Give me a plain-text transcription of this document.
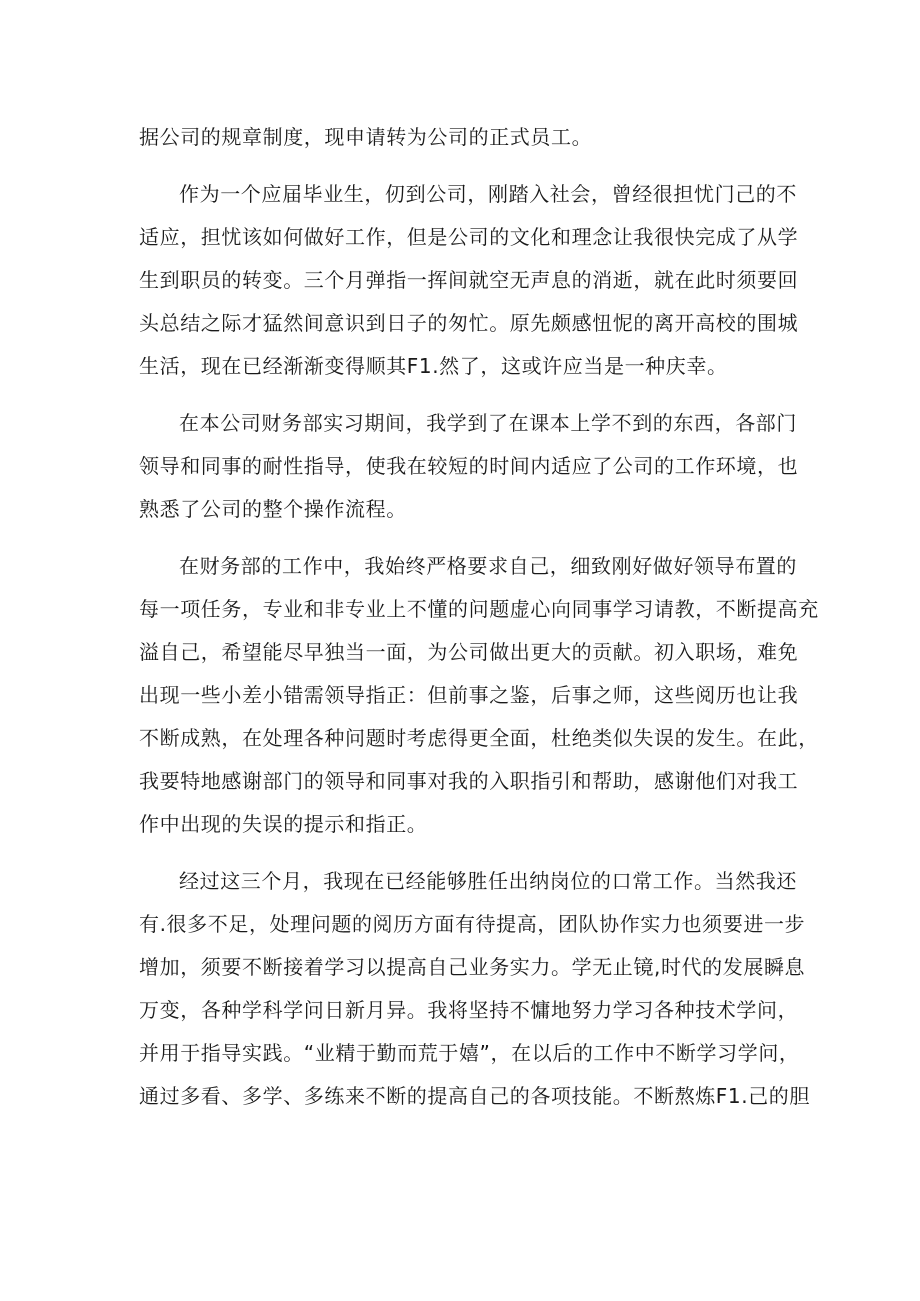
据公司的规章制度，现申请转为公司的正式员工。
作为一个应届毕业生，仞到公司，刚踏入社会，曾经很担忧门己的不
适应，担忧该如何做好工作，但是公司的文化和理念让我很快完成了从学
生到职员的转变。三个月弹指一挥间就空无声息的消逝，就在此时须要回
头总结之际才猛然间意识到日子的匆忙。原先颇感忸怩的离开高校的围城
生活，现在已经渐渐变得顺其F1.然了，这或许应当是一种庆幸。
在本公司财务部实习期间，我学到了在课本上学不到的东西，各部门
领导和同事的耐性指导，使我在较短的时间内适应了公司的工作环境，也
熟悉了公司的整个操作流程。
在财务部的工作中，我始终严格要求自己，细致刚好做好领导布置的
每一项任务，专业和非专业上不懂的问题虚心向同事学习请教，不断提高充
溢自己，希望能尽早独当一面，为公司做出更大的贡献。初入职场，难免
出现一些小差小错需领导指正：但前事之鉴，后事之师，这些阅历也让我
不断成熟，在处理各种问题时考虑得更全面，杜绝类似失误的发生。在此，
我要特地感谢部门的领导和同事对我的入职指引和帮助，感谢他们对我工
作中出现的失误的提示和指正。
经过这三个月，我现在已经能够胜任出纳岗位的口常工作。当然我还
有.很多不足，处理问题的阅历方面有待提高，团队协作实力也须要进一步
增加，须要不断接着学习以提高自己业务实力。学无止镜,时代的发展瞬息
万变，各种学科学问日新月异。我将坚持不慵地努力学习各种技术学问，
并用于指导实践。“业精于勤而荒于嬉”，在以后的工作中不断学习学问，
通过多看、多学、多练来不断的提高自己的各项技能。不断熬炼F1.己的胆
